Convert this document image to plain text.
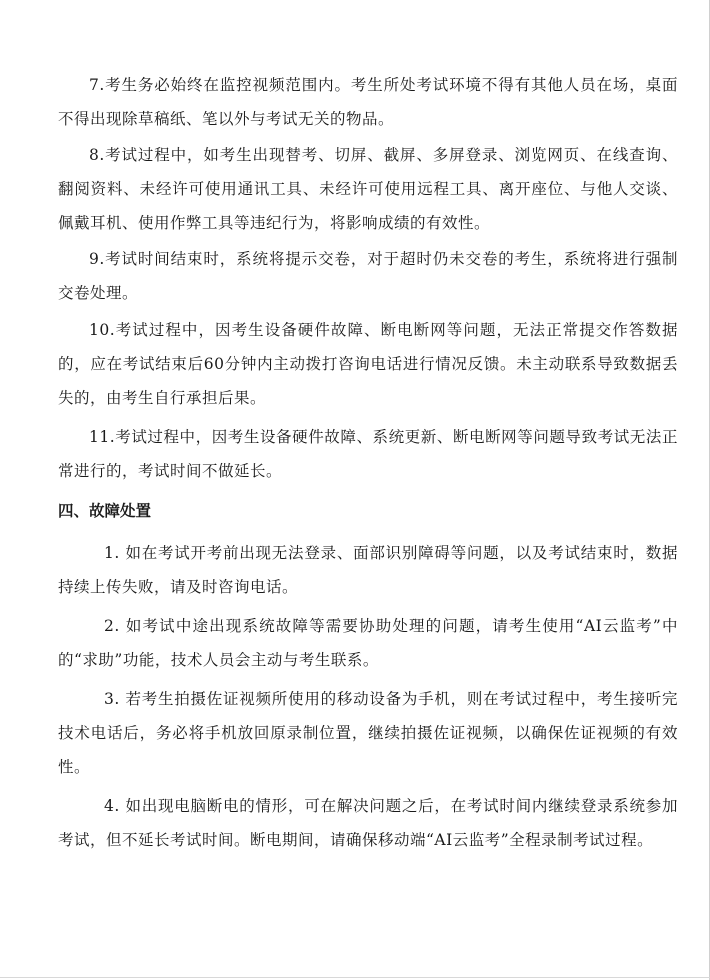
7.考生务必始终在监控视频范围内。考生所处考试环境不得有其他人员在场，桌面不得出现除草稿纸、笔以外与考试无关的物品。

8.考试过程中，如考生出现替考、切屏、截屏、多屏登录、浏览网页、在线查询、翻阅资料、未经许可使用通讯工具、未经许可使用远程工具、离开座位、与他人交谈、佩戴耳机、使用作弊工具等违纪行为，将影响成绩的有效性。

9.考试时间结束时，系统将提示交卷，对于超时仍未交卷的考生，系统将进行强制交卷处理。

10.考试过程中，因考生设备硬件故障、断电断网等问题，无法正常提交作答数据的，应在考试结束后60分钟内主动拨打咨询电话进行情况反馈。未主动联系导致数据丢失的，由考生自行承担后果。

11.考试过程中，因考生设备硬件故障、系统更新、断电断网等问题导致考试无法正常进行的，考试时间不做延长。

四、故障处置

1. 如在考试开考前出现无法登录、面部识别障碍等问题，以及考试结束时，数据持续上传失败，请及时咨询电话。

2. 如考试中途出现系统故障等需要协助处理的问题，请考生使用“AI云监考”中的“求助”功能，技术人员会主动与考生联系。

3. 若考生拍摄佐证视频所使用的移动设备为手机，则在考试过程中，考生接听完技术电话后，务必将手机放回原录制位置，继续拍摄佐证视频，以确保佐证视频的有效性。

4. 如出现电脑断电的情形，可在解决问题之后，在考试时间内继续登录系统参加考试，但不延长考试时间。断电期间，请确保移动端“AI云监考”全程录制考试过程。
